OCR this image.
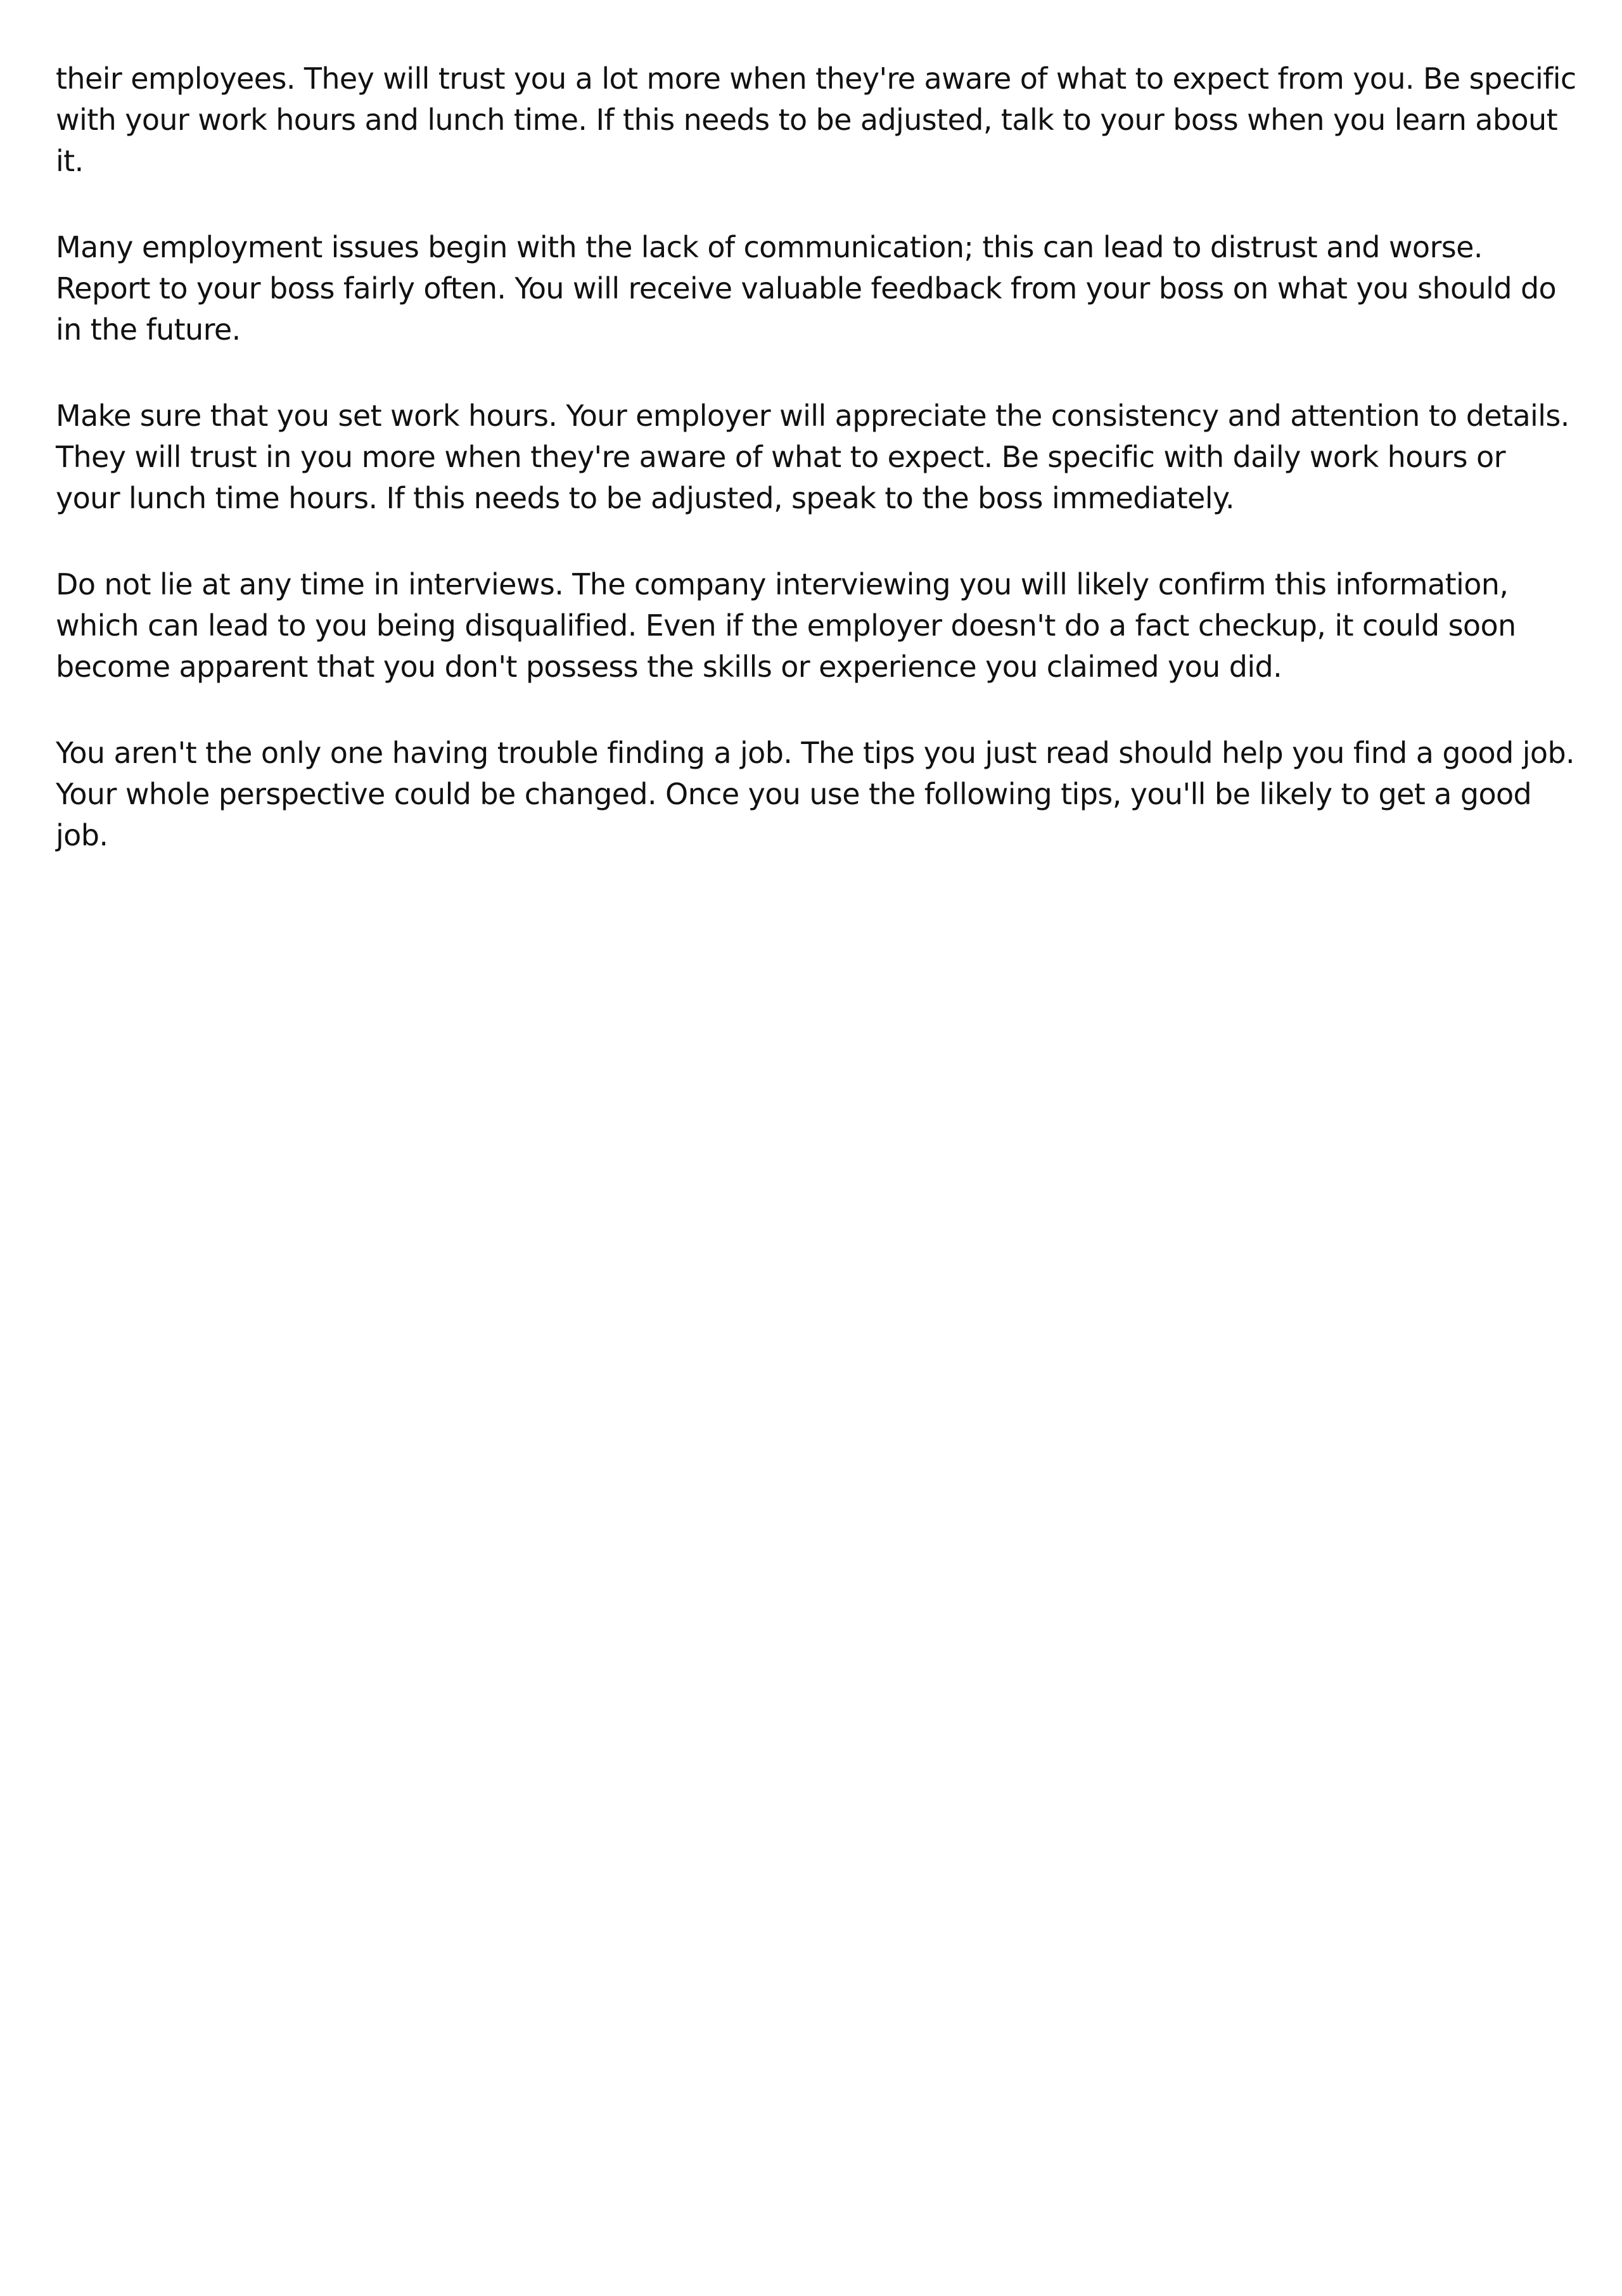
their employees. They will trust you a lot more when they're aware of what to expect from you. Be specific with your work hours and lunch time. If this needs to be adjusted, talk to your boss when you learn about it.

Many employment issues begin with the lack of communication; this can lead to distrust and worse. Report to your boss fairly often. You will receive valuable feedback from your boss on what you should do in the future.

Make sure that you set work hours. Your employer will appreciate the consistency and attention to details. They will trust in you more when they're aware of what to expect. Be specific with daily work hours or your lunch time hours. If this needs to be adjusted, speak to the boss immediately.

Do not lie at any time in interviews. The company interviewing you will likely confirm this information, which can lead to you being disqualified. Even if the employer doesn't do a fact checkup, it could soon become apparent that you don't possess the skills or experience you claimed you did.

You aren't the only one having trouble finding a job. The tips you just read should help you find a good job. Your whole perspective could be changed. Once you use the following tips, you'll be likely to get a good job.
